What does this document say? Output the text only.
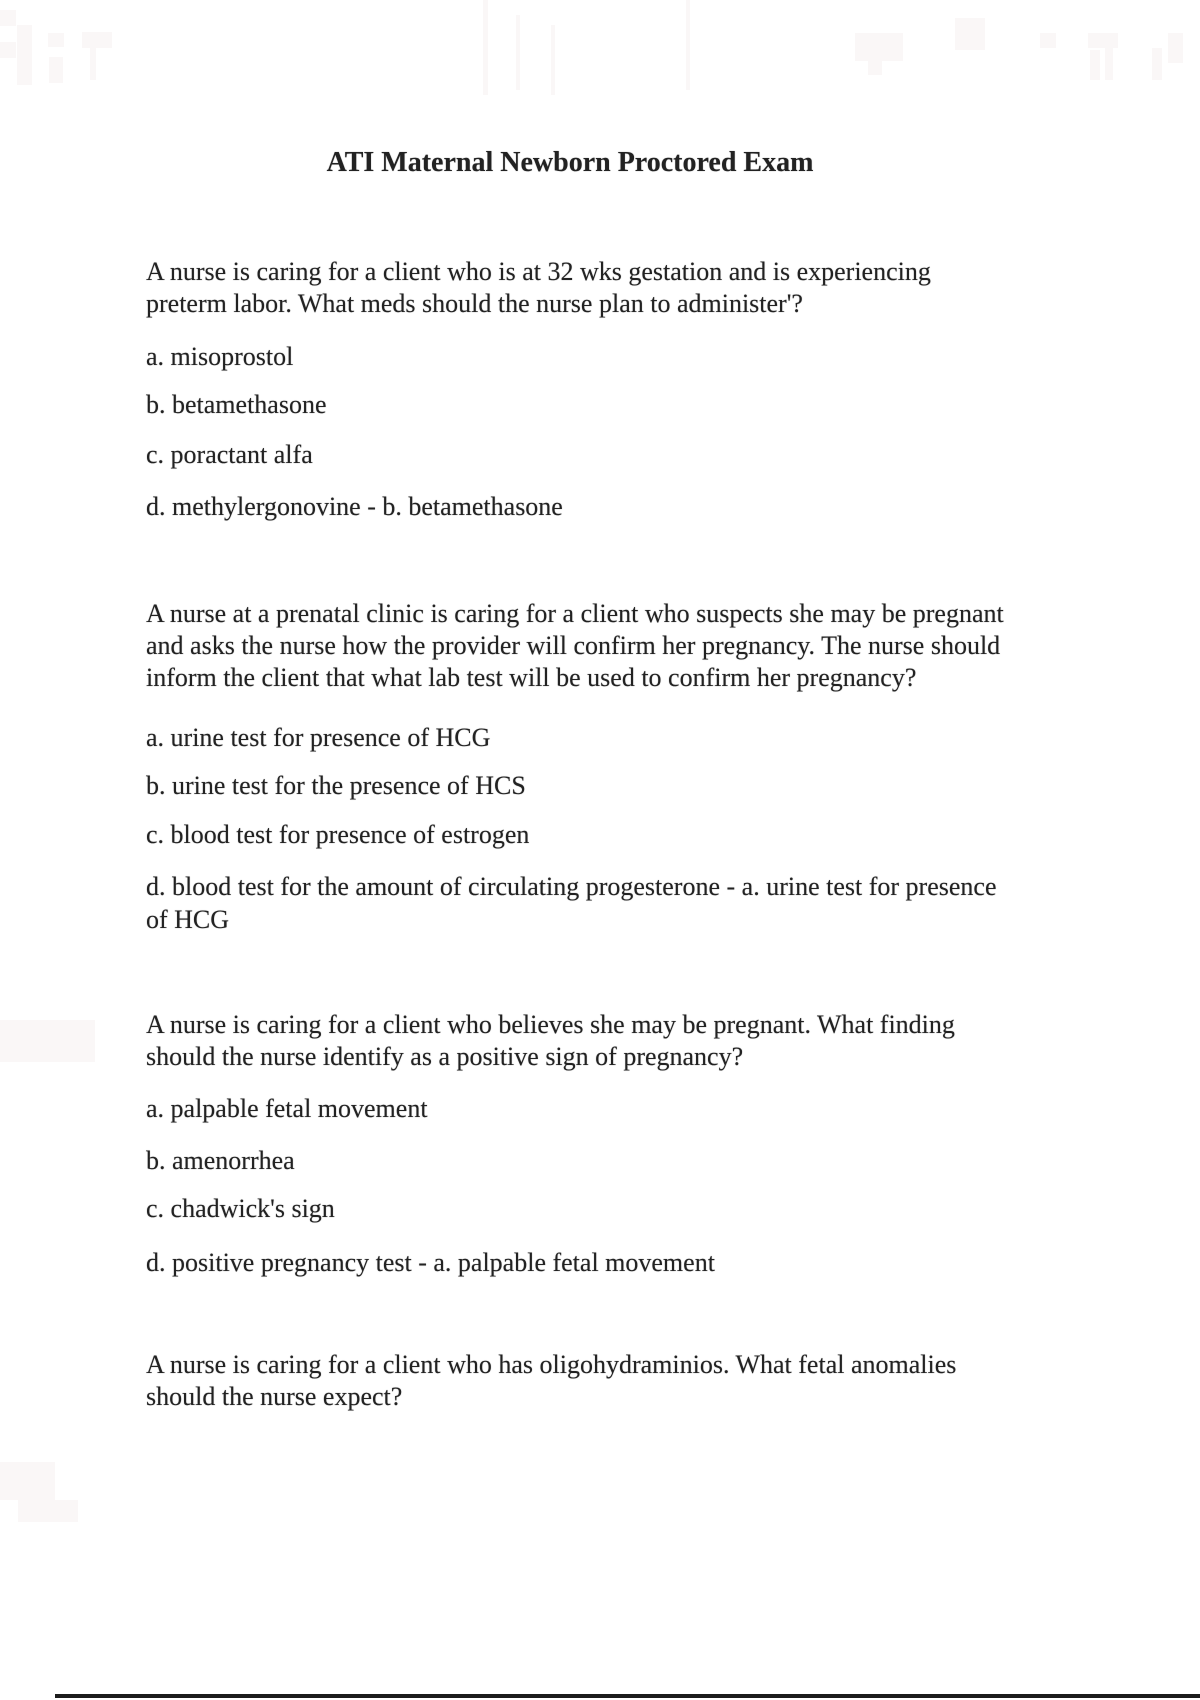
ATI Maternal Newborn Proctored Exam
A nurse is caring for a client who is at 32 wks gestation and is experiencing
preterm labor. What meds should the nurse plan to administer'?
a. misoprostol
b. betamethasone
c. poractant alfa
d. methylergonovine - b. betamethasone
A nurse at a prenatal clinic is caring for a client who suspects she may be pregnant
and asks the nurse how the provider will confirm her pregnancy. The nurse should
inform the client that what lab test will be used to confirm her pregnancy?
a. urine test for presence of HCG
b. urine test for the presence of HCS
c. blood test for presence of estrogen
d. blood test for the amount of circulating progesterone - a. urine test for presence
of HCG
A nurse is caring for a client who believes she may be pregnant. What finding
should the nurse identify as a positive sign of pregnancy?
a. palpable fetal movement
b. amenorrhea
c. chadwick's sign
d. positive pregnancy test - a. palpable fetal movement
A nurse is caring for a client who has oligohydraminios. What fetal anomalies
should the nurse expect?
